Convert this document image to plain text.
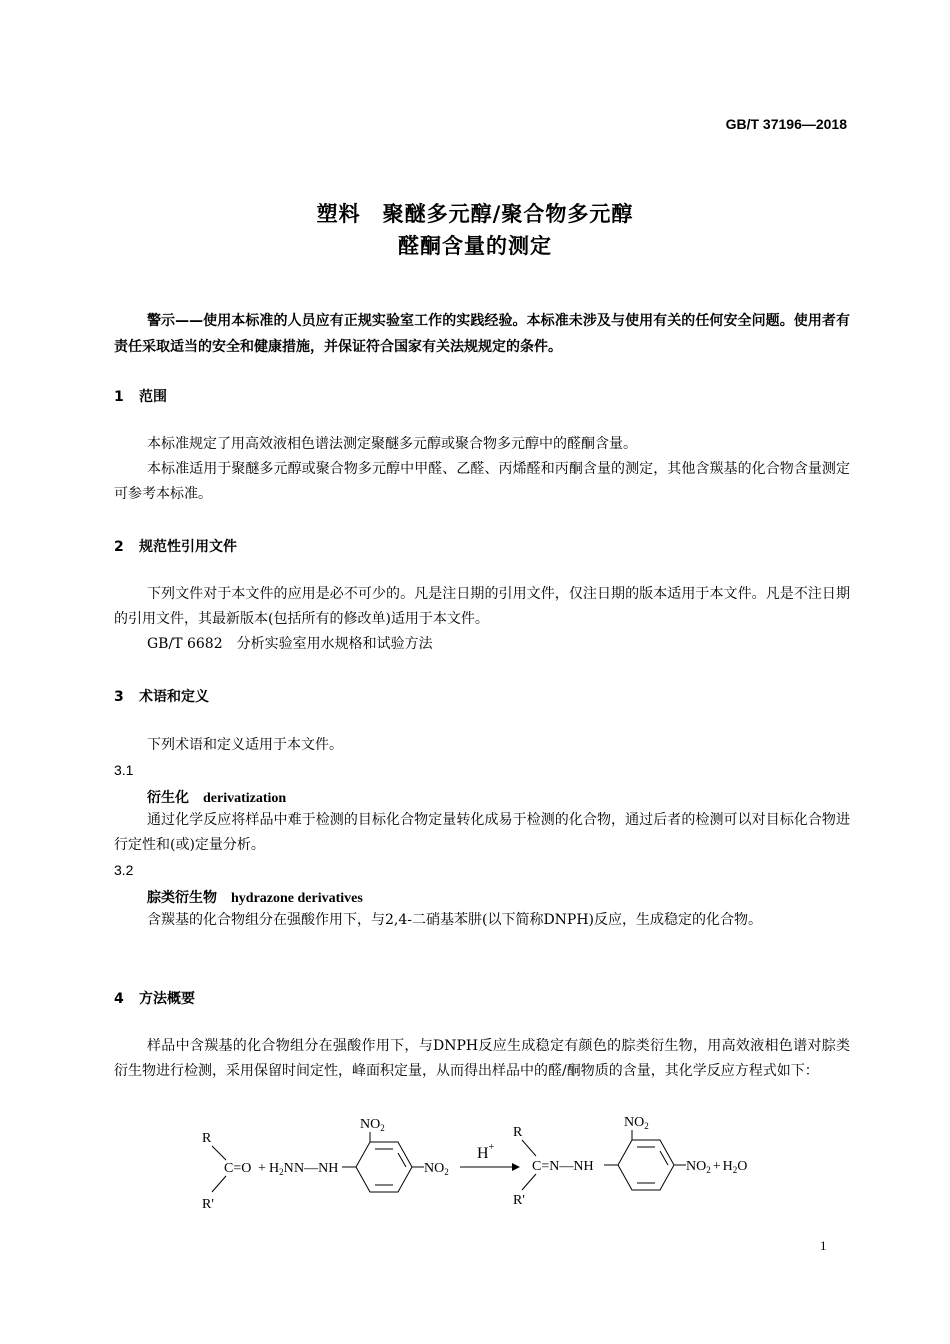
GB/T 37196—2018
塑料　聚醚多元醇/聚合物多元醇
醛酮含量的测定
警示——使用本标准的人员应有正规实验室工作的实践经验。本标准未涉及与使用有关的任何安全问题。使用者有责任采取适当的安全和健康措施，并保证符合国家有关法规规定的条件。
1 范围
本标准规定了用高效液相色谱法测定聚醚多元醇或聚合物多元醇中的醛酮含量。
本标准适用于聚醚多元醇或聚合物多元醇中甲醛、乙醛、丙烯醛和丙酮含量的测定，其他含羰基的化合物含量测定可参考本标准。
2 规范性引用文件
下列文件对于本文件的应用是必不可少的。凡是注日期的引用文件，仅注日期的版本适用于本文件。凡是不注日期的引用文件，其最新版本(包括所有的修改单)适用于本文件。
GB/T 6682　分析实验室用水规格和试验方法
3 术语和定义
下列术语和定义适用于本文件。
3.1
衍生化 derivatization
通过化学反应将样品中难于检测的目标化合物定量转化成易于检测的化合物，通过后者的检测可以对目标化合物进行定性和(或)定量分析。
3.2
腙类衍生物 hydrazone derivatives
含羰基的化合物组分在强酸作用下，与2,4-二硝基苯肼(以下简称DNPH)反应，生成稳定的化合物。
4 方法概要
样品中含羰基的化合物组分在强酸作用下，与DNPH反应生成稳定有颜色的腙类衍生物，用高效液相色谱对腙类衍生物进行检测，采用保留时间定性，峰面积定量，从而得出样品中的醛/酮物质的含量，其化学反应方程式如下：
R
C=O
R'
+ $H_2N$ N—NH
$NO_2$
$NO_2$
H+
R
C=N—NH
R'
$NO_2$
$NO_2 + H_2O$
1
